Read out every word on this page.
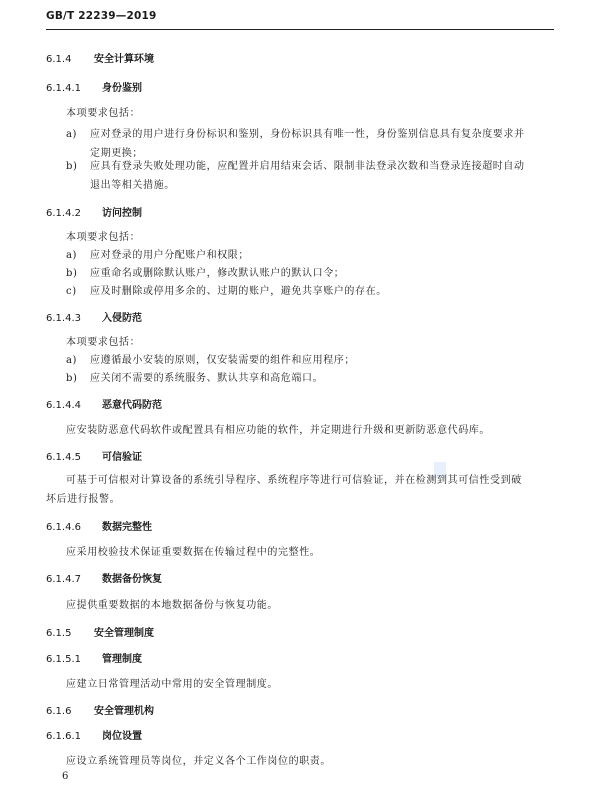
GB/T 22239—2019
6.1.4 安全计算环境
6.1.4.1 身份鉴别
本项要求包括：
a) 应对登录的用户进行身份标识和鉴别，身份标识具有唯一性，身份鉴别信息具有复杂度要求并
定期更换；
b) 应具有登录失败处理功能，应配置并启用结束会话、限制非法登录次数和当登录连接超时自动
退出等相关措施。
6.1.4.2 访问控制
本项要求包括：
a) 应对登录的用户分配账户和权限；
b) 应重命名或删除默认账户，修改默认账户的默认口令；
c) 应及时删除或停用多余的、过期的账户，避免共享账户的存在。
6.1.4.3 入侵防范
本项要求包括：
a) 应遵循最小安装的原则，仅安装需要的组件和应用程序；
b) 应关闭不需要的系统服务、默认共享和高危端口。
6.1.4.4 恶意代码防范
应安装防恶意代码软件或配置具有相应功能的软件，并定期进行升级和更新防恶意代码库。
6.1.4.5 可信验证
可基于可信根对计算设备的系统引导程序、系统程序等进行可信验证，并在检测到其可信性受到破
坏后进行报警。
6.1.4.6 数据完整性
应采用校验技术保证重要数据在传输过程中的完整性。
6.1.4.7 数据备份恢复
应提供重要数据的本地数据备份与恢复功能。
6.1.5 安全管理制度
6.1.5.1 管理制度
应建立日常管理活动中常用的安全管理制度。
6.1.6 安全管理机构
6.1.6.1 岗位设置
应设立系统管理员等岗位，并定义各个工作岗位的职责。
6
